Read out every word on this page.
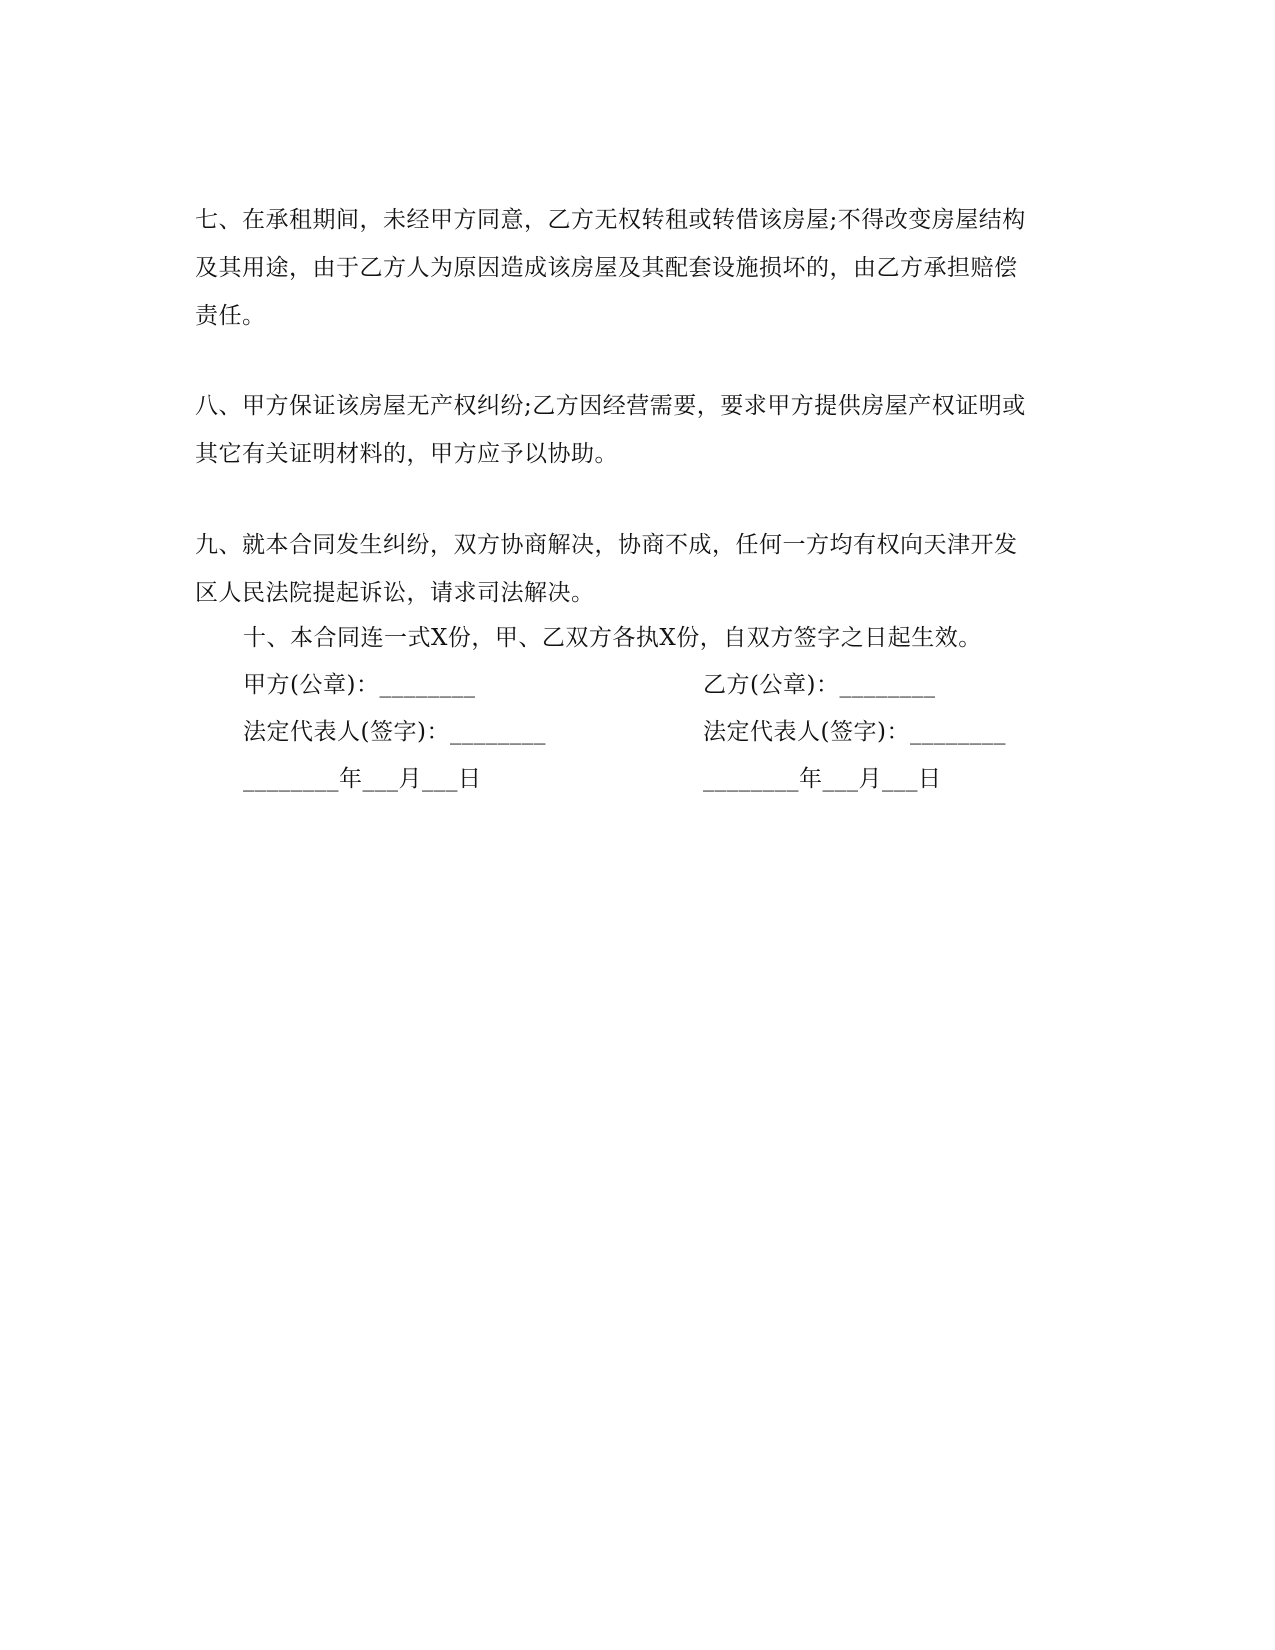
七、在承租期间，未经甲方同意，乙方无权转租或转借该房屋;不得改变房屋结构
及其用途，由于乙方人为原因造成该房屋及其配套设施损坏的，由乙方承担赔偿
责任。
八、甲方保证该房屋无产权纠纷;乙方因经营需要，要求甲方提供房屋产权证明或
其它有关证明材料的，甲方应予以协助。
九、就本合同发生纠纷，双方协商解决，协商不成，任何一方均有权向天津开发
区人民法院提起诉讼，请求司法解决。
十、本合同连一式X份，甲、乙双方各执X份，自双方签字之日起生效。
甲方(公章)：________	乙方(公章)：________
法定代表人(签字)：________	法定代表人(签字)：________
________年___月___日	________年___月___日
